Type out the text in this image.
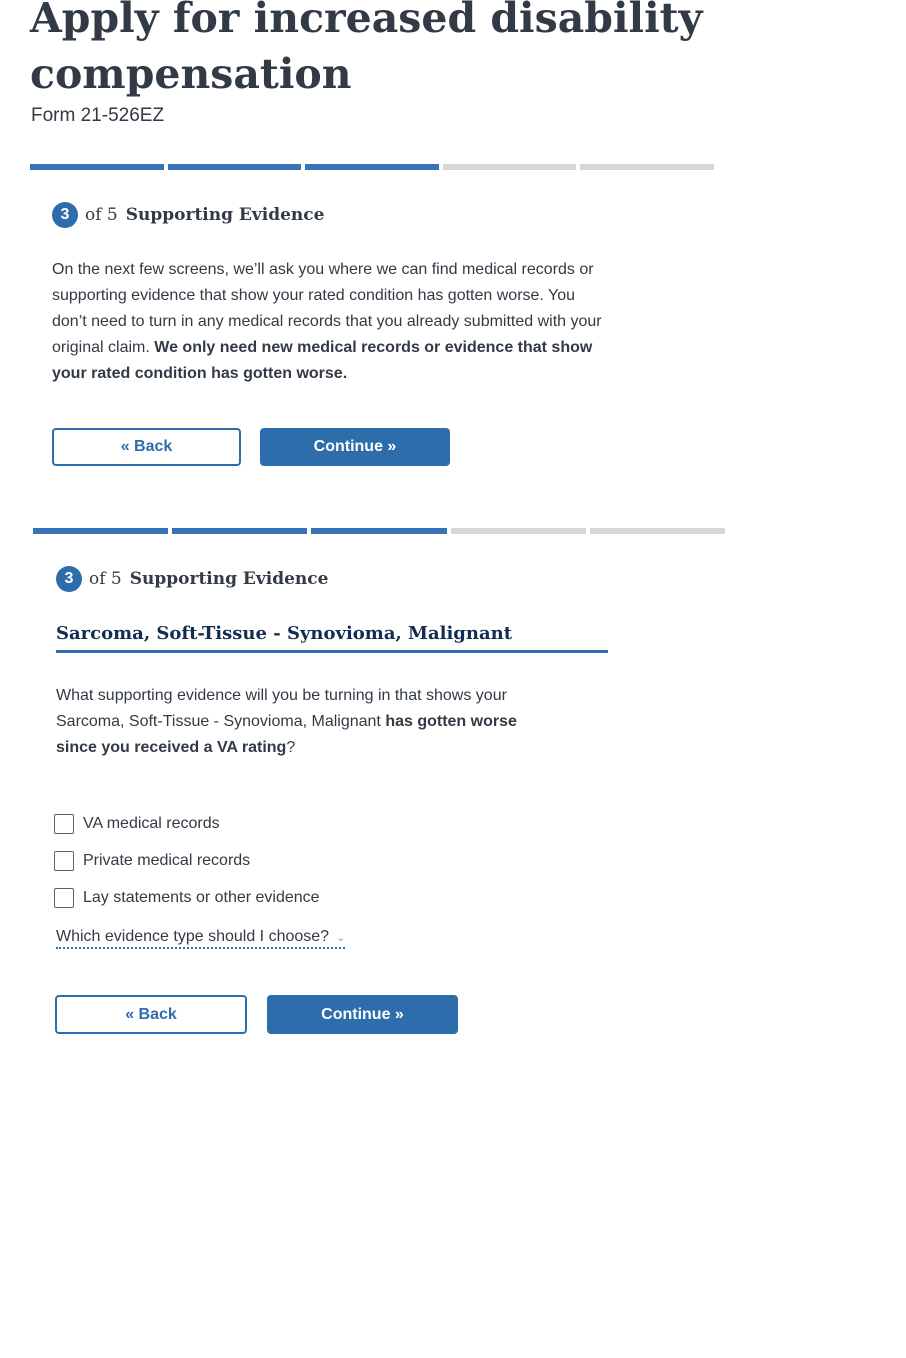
Apply for increased disability compensation
Form 21-526EZ
3 of 5 Supporting Evidence

On the next few screens, we’ll ask you where we can find medical records or supporting evidence that show your rated condition has gotten worse. You don’t need to turn in any medical records that you already submitted with your original claim. We only need new medical records or evidence that show your rated condition has gotten worse.

« Back	Continue »
3 of 5 Supporting Evidence
Sarcoma, Soft-Tissue - Synovioma, Malignant

What supporting evidence will you be turning in that shows your Sarcoma, Soft-Tissue - Synovioma, Malignant has gotten worse since you received a VA rating?

VA medical records
Private medical records
Lay statements or other evidence
Which evidence type should I choose? ⌄
« Back	Continue »
